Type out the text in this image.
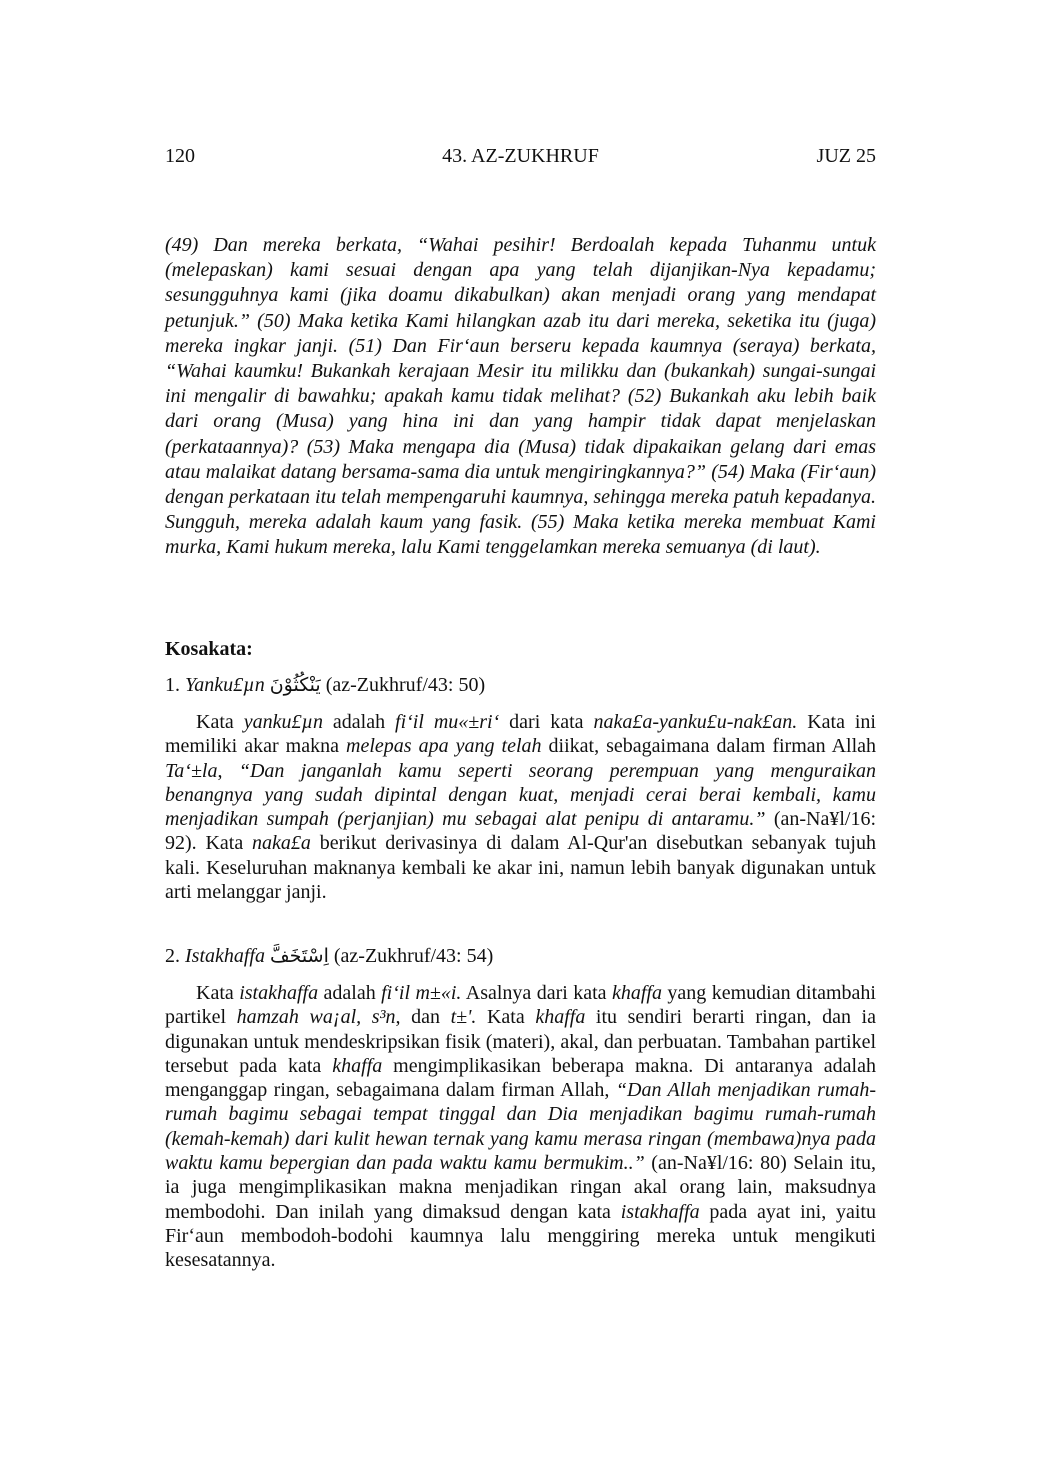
120	43. AZ-ZUKHRUF	JUZ 25

(49) Dan mereka berkata, “Wahai pesihir! Berdoalah kepada Tuhanmu untuk (melepaskan) kami sesuai dengan apa yang telah dijanjikan-Nya kepadamu; sesungguhnya kami (jika doamu dikabulkan) akan menjadi orang yang mendapat petunjuk.” (50) Maka ketika Kami hilangkan azab itu dari mereka, seketika itu (juga) mereka ingkar janji. (51) Dan Fir‘aun berseru kepada kaumnya (seraya) berkata, “Wahai kaumku! Bukankah kerajaan Mesir itu milikku dan (bukankah) sungai-sungai ini mengalir di bawahku; apakah kamu tidak melihat? (52) Bukankah aku lebih baik dari orang (Musa) yang hina ini dan yang hampir tidak dapat menjelaskan (perkataannya)? (53) Maka mengapa dia (Musa) tidak dipakaikan gelang dari emas atau malaikat datang bersama-sama dia untuk mengiringkannya?” (54) Maka (Fir‘aun) dengan perkataan itu telah mempengaruhi kaumnya, sehingga mereka patuh kepadanya. Sungguh, mereka adalah kaum yang fasik. (55) Maka ketika mereka membuat Kami murka, Kami hukum mereka, lalu Kami tenggelamkan mereka semuanya (di laut).

Kosakata:
1. Yanku£µn يَنْكُثُوْنَ (az-Zukhruf/43: 50)

Kata yanku£µn adalah fi‘il mu«±ri‘ dari kata naka£a-yanku£u-nak£an. Kata ini memiliki akar makna melepas apa yang telah diikat, sebagaimana dalam firman Allah Ta‘±la, “Dan janganlah kamu seperti seorang perempuan yang menguraikan benangnya yang sudah dipintal dengan kuat, menjadi cerai berai kembali, kamu menjadikan sumpah (perjanjian) mu sebagai alat penipu di antaramu.” (an-Na¥l/16: 92). Kata naka£a berikut derivasinya di dalam Al-Qur'an disebutkan sebanyak tujuh kali. Keseluruhan maknanya kembali ke akar ini, namun lebih banyak digunakan untuk arti melanggar janji.

2. Istakhaffa اِسْتَخَفَّ (az-Zukhruf/43: 54)

Kata istakhaffa adalah fi‘il m±«i. Asalnya dari kata khaffa yang kemudian ditambahi partikel hamzah wa¡al, s³n, dan t±'. Kata khaffa itu sendiri berarti ringan, dan ia digunakan untuk mendeskripsikan fisik (materi), akal, dan perbuatan. Tambahan partikel tersebut pada kata khaffa mengimplikasikan beberapa makna. Di antaranya adalah menganggap ringan, sebagaimana dalam firman Allah, “Dan Allah menjadikan rumah-rumah bagimu sebagai tempat tinggal dan Dia menjadikan bagimu rumah-rumah (kemah-kemah) dari kulit hewan ternak yang kamu merasa ringan (membawa)nya pada waktu kamu bepergian dan pada waktu kamu bermukim..” (an-Na¥l/16: 80) Selain itu, ia juga mengimplikasikan makna menjadikan ringan akal orang lain, maksudnya membodohi. Dan inilah yang dimaksud dengan kata istakhaffa pada ayat ini, yaitu Fir‘aun membodoh-bodohi kaumnya lalu menggiring mereka untuk mengikuti kesesatannya.
